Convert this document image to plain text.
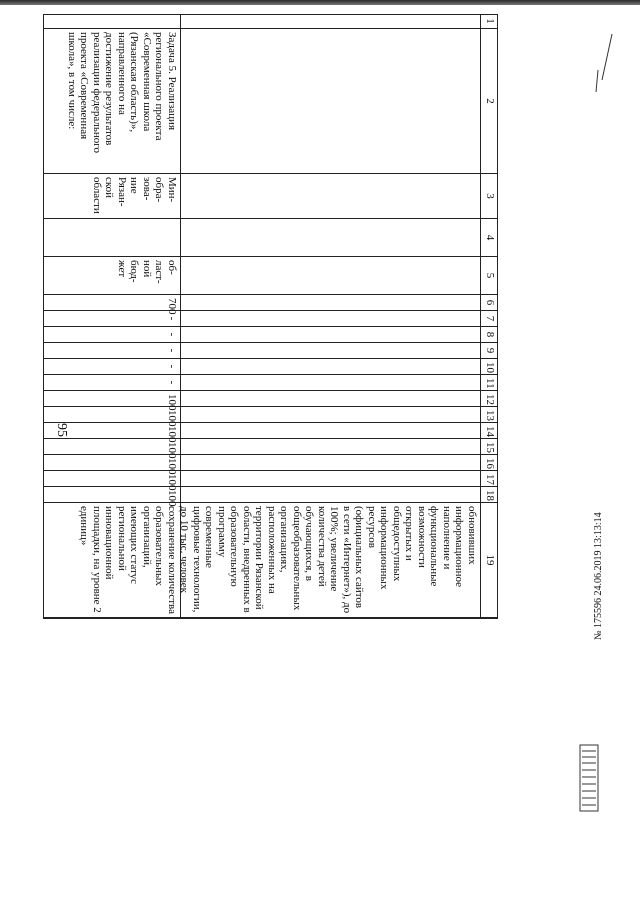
95
1
2
3
4
5
6
7
8
9
10
11
12
13
14
15
16
17
18
19
обновивших информационное наполнение и функциональные возможности открытых и общедоступных информационных ресурсов (официальных сайтов в сети «Интернет»), до 100%; увеличение количества детей обучающихся, в общеобразовательных организациях, расположенных на территории Рязанской области, внедренных в образовательную программу современные цифровые технологии, до 10 тыс. человек
Задача 5. Реализация регионального проекта «Современная школа (Рязанская область)», направленного на достижение результатов реализации федерального проекта «Современная школа», в том числе:
Мин-обра-зова-ние Рязан-ской области
об-ласт-ной бюд-жет
700
-
-
-
-
-
100
100
100
100
100
100
100
сохранение количества образовательных организаций, имеющих статус региональной инновационной площадки, на уровне 2 единиц»	№ 175596 24.06.2019 13:13:14
